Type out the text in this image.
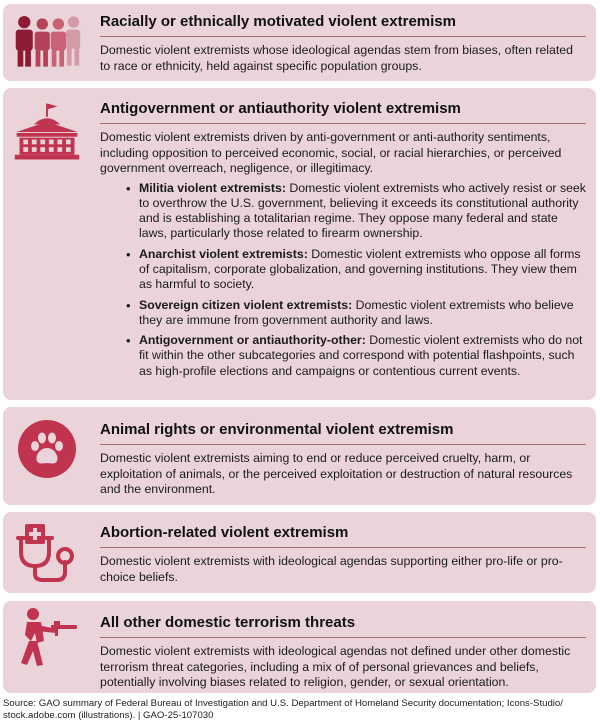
Racially or ethnically motivated violent extremism
Domestic violent extremists whose ideological agendas stem from biases, often related to race or ethnicity, held against specific population groups.
Antigovernment or antiauthority violent extremism
Domestic violent extremists driven by anti-government or anti-authority sentiments, including opposition to perceived economic, social, or racial hierarchies, or perceived government overreach, negligence, or illegitimacy.
• Militia violent extremists: Domestic violent extremists who actively resist or seek to overthrow the U.S. government, believing it exceeds its constitutional authority and is establishing a totalitarian regime. They oppose many federal and state laws, particularly those related to firearm ownership.
• Anarchist violent extremists: Domestic violent extremists who oppose all forms of capitalism, corporate globalization, and governing institutions. They view them as harmful to society.
• Sovereign citizen violent extremists: Domestic violent extremists who believe they are immune from government authority and laws.
• Antigovernment or antiauthority-other: Domestic violent extremists who do not fit within the other subcategories and correspond with potential flashpoints, such as high-profile elections and campaigns or contentious current events.
Animal rights or environmental violent extremism
Domestic violent extremists aiming to end or reduce perceived cruelty, harm, or exploitation of animals, or the perceived exploitation or destruction of natural resources and the environment.
Abortion-related violent extremism
Domestic violent extremists with ideological agendas supporting either pro-life or pro-choice beliefs.
All other domestic terrorism threats
Domestic violent extremists with ideological agendas not defined under other domestic terrorism threat categories, including a mix of of personal grievances and beliefs, potentially involving biases related to religion, gender, or sexual orientation.
Source: GAO summary of Federal Bureau of Investigation and U.S. Department of Homeland Security documentation; Icons-Studio/ stock.adobe.com (illustrations). | GAO-25-107030
